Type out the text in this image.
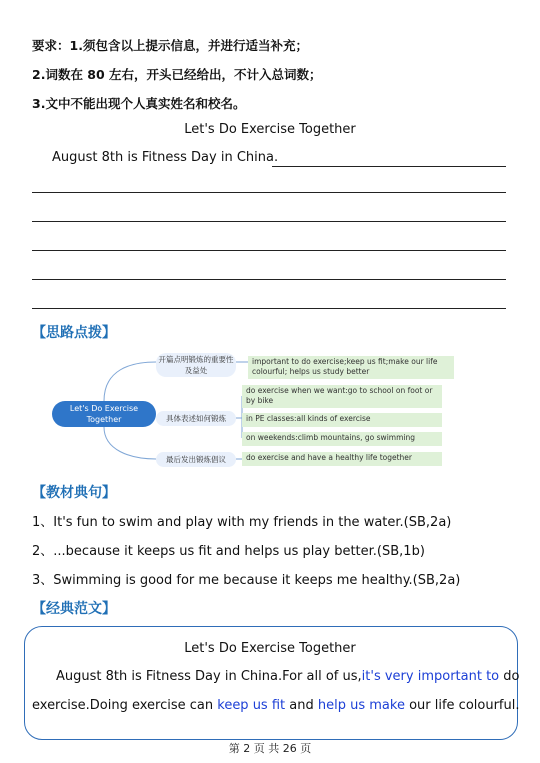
要求：1.须包含以上提示信息，并进行适当补充；
2.词数在 80 左右，开头已经给出，不计入总词数；
3.文中不能出现个人真实姓名和校名。
Let's Do Exercise Together
August 8th is Fitness Day in China.
【思路点拨】
Let's Do Exercise Together
开篇点明锻炼的重要性及益处
important to do exercise;keep us fit;make our life colourful; helps us study better
具体表述如何锻炼
do exercise when we want:go to school on foot or by bike
in PE classes:all kinds of exercise
on weekends:climb mountains, go swimming
最后发出锻炼倡议	do exercise and have a healthy life together
【教材典句】
1、It's fun to swim and play with my friends in the water.(SB,2a)
2、...because it keeps us fit and helps us play better.(SB,1b)
3、Swimming is good for me because it keeps me healthy.(SB,2a)
【经典范文】
Let's Do Exercise Together
August 8th is Fitness Day in China.For all of us,it's very important to do
exercise.Doing exercise can keep us fit and help us make our life colourful.
第 2 页 共 26 页
